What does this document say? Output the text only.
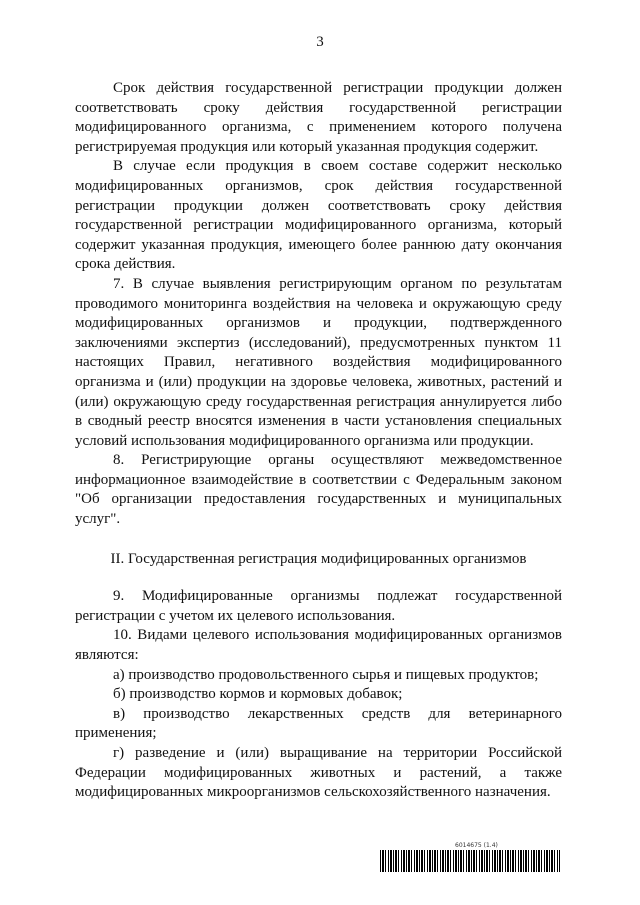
3

Срок действия государственной регистрации продукции должен соответствовать сроку действия государственной регистрации модифицированного организма, с применением которого получена регистрируемая продукция или который указанная продукция содержит.

В случае если продукция в своем составе содержит несколько модифицированных организмов, срок действия государственной регистрации продукции должен соответствовать сроку действия государственной регистрации модифицированного организма, который содержит указанная продукция, имеющего более раннюю дату окончания срока действия.

7. В случае выявления регистрирующим органом по результатам проводимого мониторинга воздействия на человека и окружающую среду модифицированных организмов и продукции, подтвержденного заключениями экспертиз (исследований), предусмотренных пунктом 11 настоящих Правил, негативного воздействия модифицированного организма и (или) продукции на здоровье человека, животных, растений и (или) окружающую среду государственная регистрация аннулируется либо в сводный реестр вносятся изменения в части установления специальных условий использования модифицированного организма или продукции.

8. Регистрирующие органы осуществляют межведомственное информационное взаимодействие в соответствии с Федеральным законом "Об организации предоставления государственных и муниципальных услуг".

II. Государственная регистрация модифицированных организмов

9. Модифицированные организмы подлежат государственной регистрации с учетом их целевого использования.

10. Видами целевого использования модифицированных организмов являются:

а) производство продовольственного сырья и пищевых продуктов;

б) производство кормов и кормовых добавок;

в) производство лекарственных средств для ветеринарного применения;

г) разведение и (или) выращивание на территории Российской Федерации модифицированных животных и растений, а также модифицированных микроорганизмов сельскохозяйственного назначения.

6014675 (1.4)
